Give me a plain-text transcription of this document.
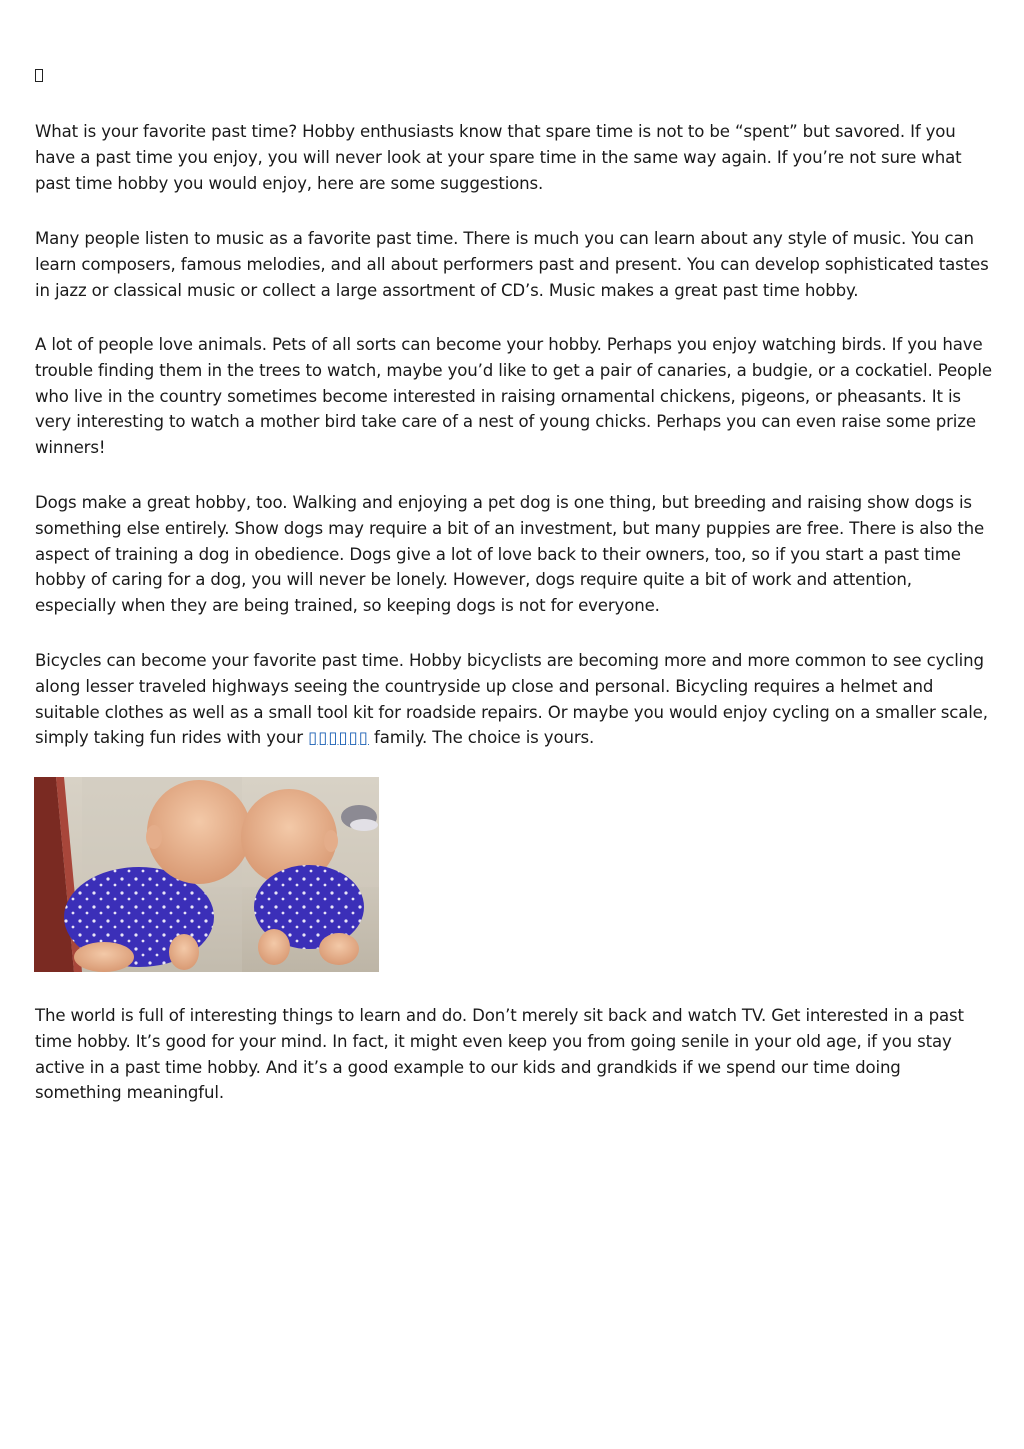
What is your favorite past time? Hobby enthusiasts know that spare time is not to be “spent” but savored. If you have a past time you enjoy, you will never look at your spare time in the same way again. If you’re not sure what past time hobby you would enjoy, here are some suggestions.

Many people listen to music as a favorite past time. There is much you can learn about any style of music. You can learn composers, famous melodies, and all about performers past and present. You can develop sophisticated tastes in jazz or classical music or collect a large assortment of CD’s. Music makes a great past time hobby.

A lot of people love animals. Pets of all sorts can become your hobby. Perhaps you enjoy watching birds. If you have trouble finding them in the trees to watch, maybe you’d like to get a pair of canaries, a budgie, or a cockatiel. People who live in the country sometimes become interested in raising ornamental chickens, pigeons, or pheasants. It is very interesting to watch a mother bird take care of a nest of young chicks. Perhaps you can even raise some prize winners!

Dogs make a great hobby, too. Walking and enjoying a pet dog is one thing, but breeding and raising show dogs is something else entirely. Show dogs may require a bit of an investment, but many puppies are free. There is also the aspect of training a dog in obedience. Dogs give a lot of love back to their owners, too, so if you start a past time hobby of caring for a dog, you will never be lonely. However, dogs require quite a bit of work and attention, especially when they are being trained, so keeping dogs is not for everyone.

Bicycles can become your favorite past time. Hobby bicyclists are becoming more and more common to see cycling along lesser traveled highways seeing the countryside up close and personal. Bicycling requires a helmet and suitable clothes as well as a small tool kit for roadside repairs. Or maybe you would enjoy cycling on a smaller scale, simply taking fun rides with your ▯▯▯▯▯▯ family. The choice is yours.

The world is full of interesting things to learn and do. Don’t merely sit back and watch TV. Get interested in a past time hobby. It’s good for your mind. In fact, it might even keep you from going senile in your old age, if you stay active in a past time hobby. And it’s a good example to our kids and grandkids if we spend our time doing something meaningful.
